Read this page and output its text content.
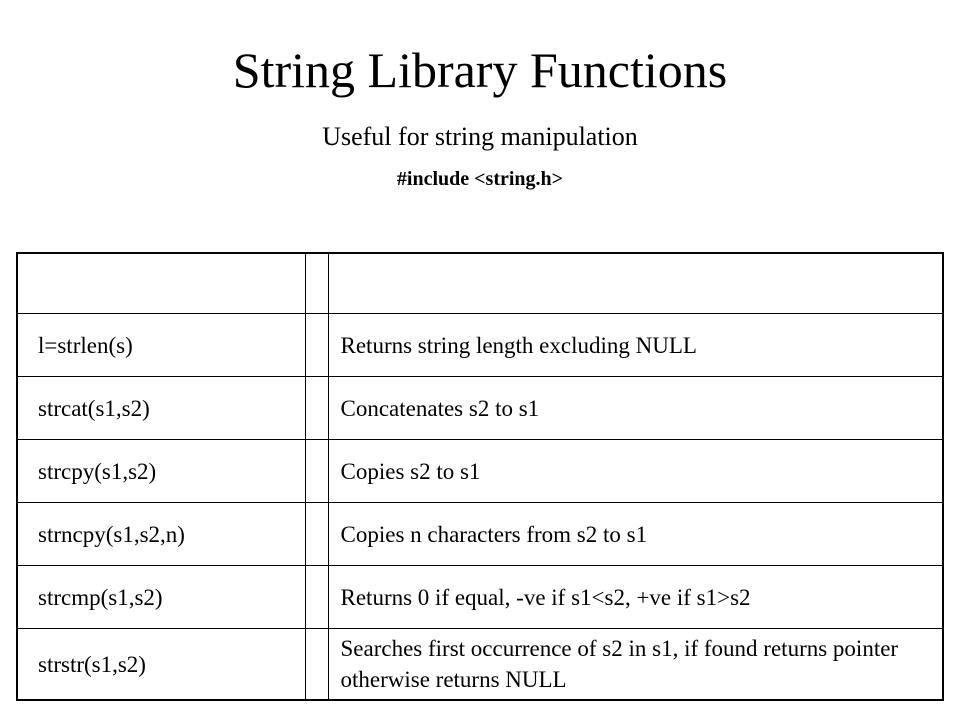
String Library Functions
Useful for string manipulation
#include <string.h>

l=strlen(s)		Returns string length excluding NULL
strcat(s1,s2)		Concatenates s2 to s1
strcpy(s1,s2)		Copies s2 to s1
strncpy(s1,s2,n)		Copies n characters from s2 to s1
strcmp(s1,s2)		Returns 0 if equal, -ve if s1<s2, +ve if s1>s2
strstr(s1,s2)		Searches first occurrence of s2 in s1, if found returns pointer otherwise returns NULL
